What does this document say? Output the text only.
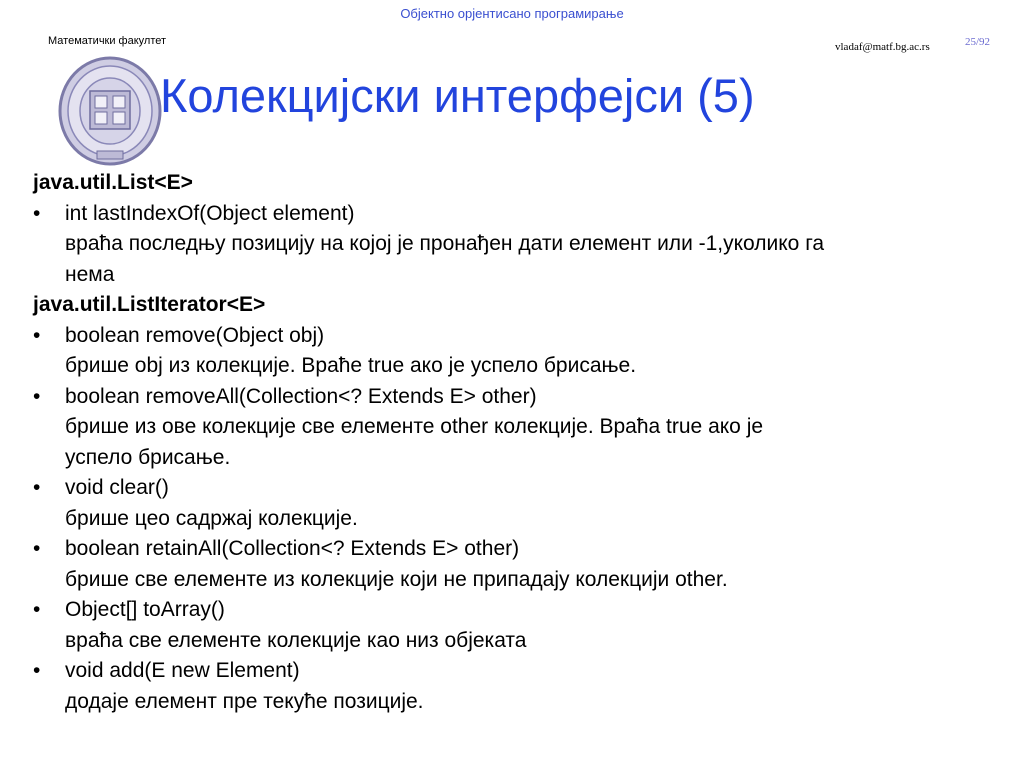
Објектно орјентисано програмирање
Математички факултет	vladaf@matf.bg.ac.rs	25/92
Колекцијски интерфејси (5)
java.util.List<E>
•	int lastIndexOf(Object element)
враћа последњу позицију на којој је пронађен дати елемент или -1,уколико га
нема
java.util.ListIterator<E>
•	boolean remove(Object obj)
брише obj из колекције. Враће true ако је успело брисање.
•	boolean removeAll(Collection<? Extends E> other)
брише из ове колекције све елементе other колекције. Враћа true ако је
успело брисање.
•	void clear()
брише цео садржај колекције.
•	boolean retainAll(Collection<? Extends E> other)
брише све елементе из колекције који не припадају колекцији other.
•	Object[] toArray()
враћа све елементе колекције као низ објеката
•	void add(E new Element)
додаје елемент пре текуће позиције.
